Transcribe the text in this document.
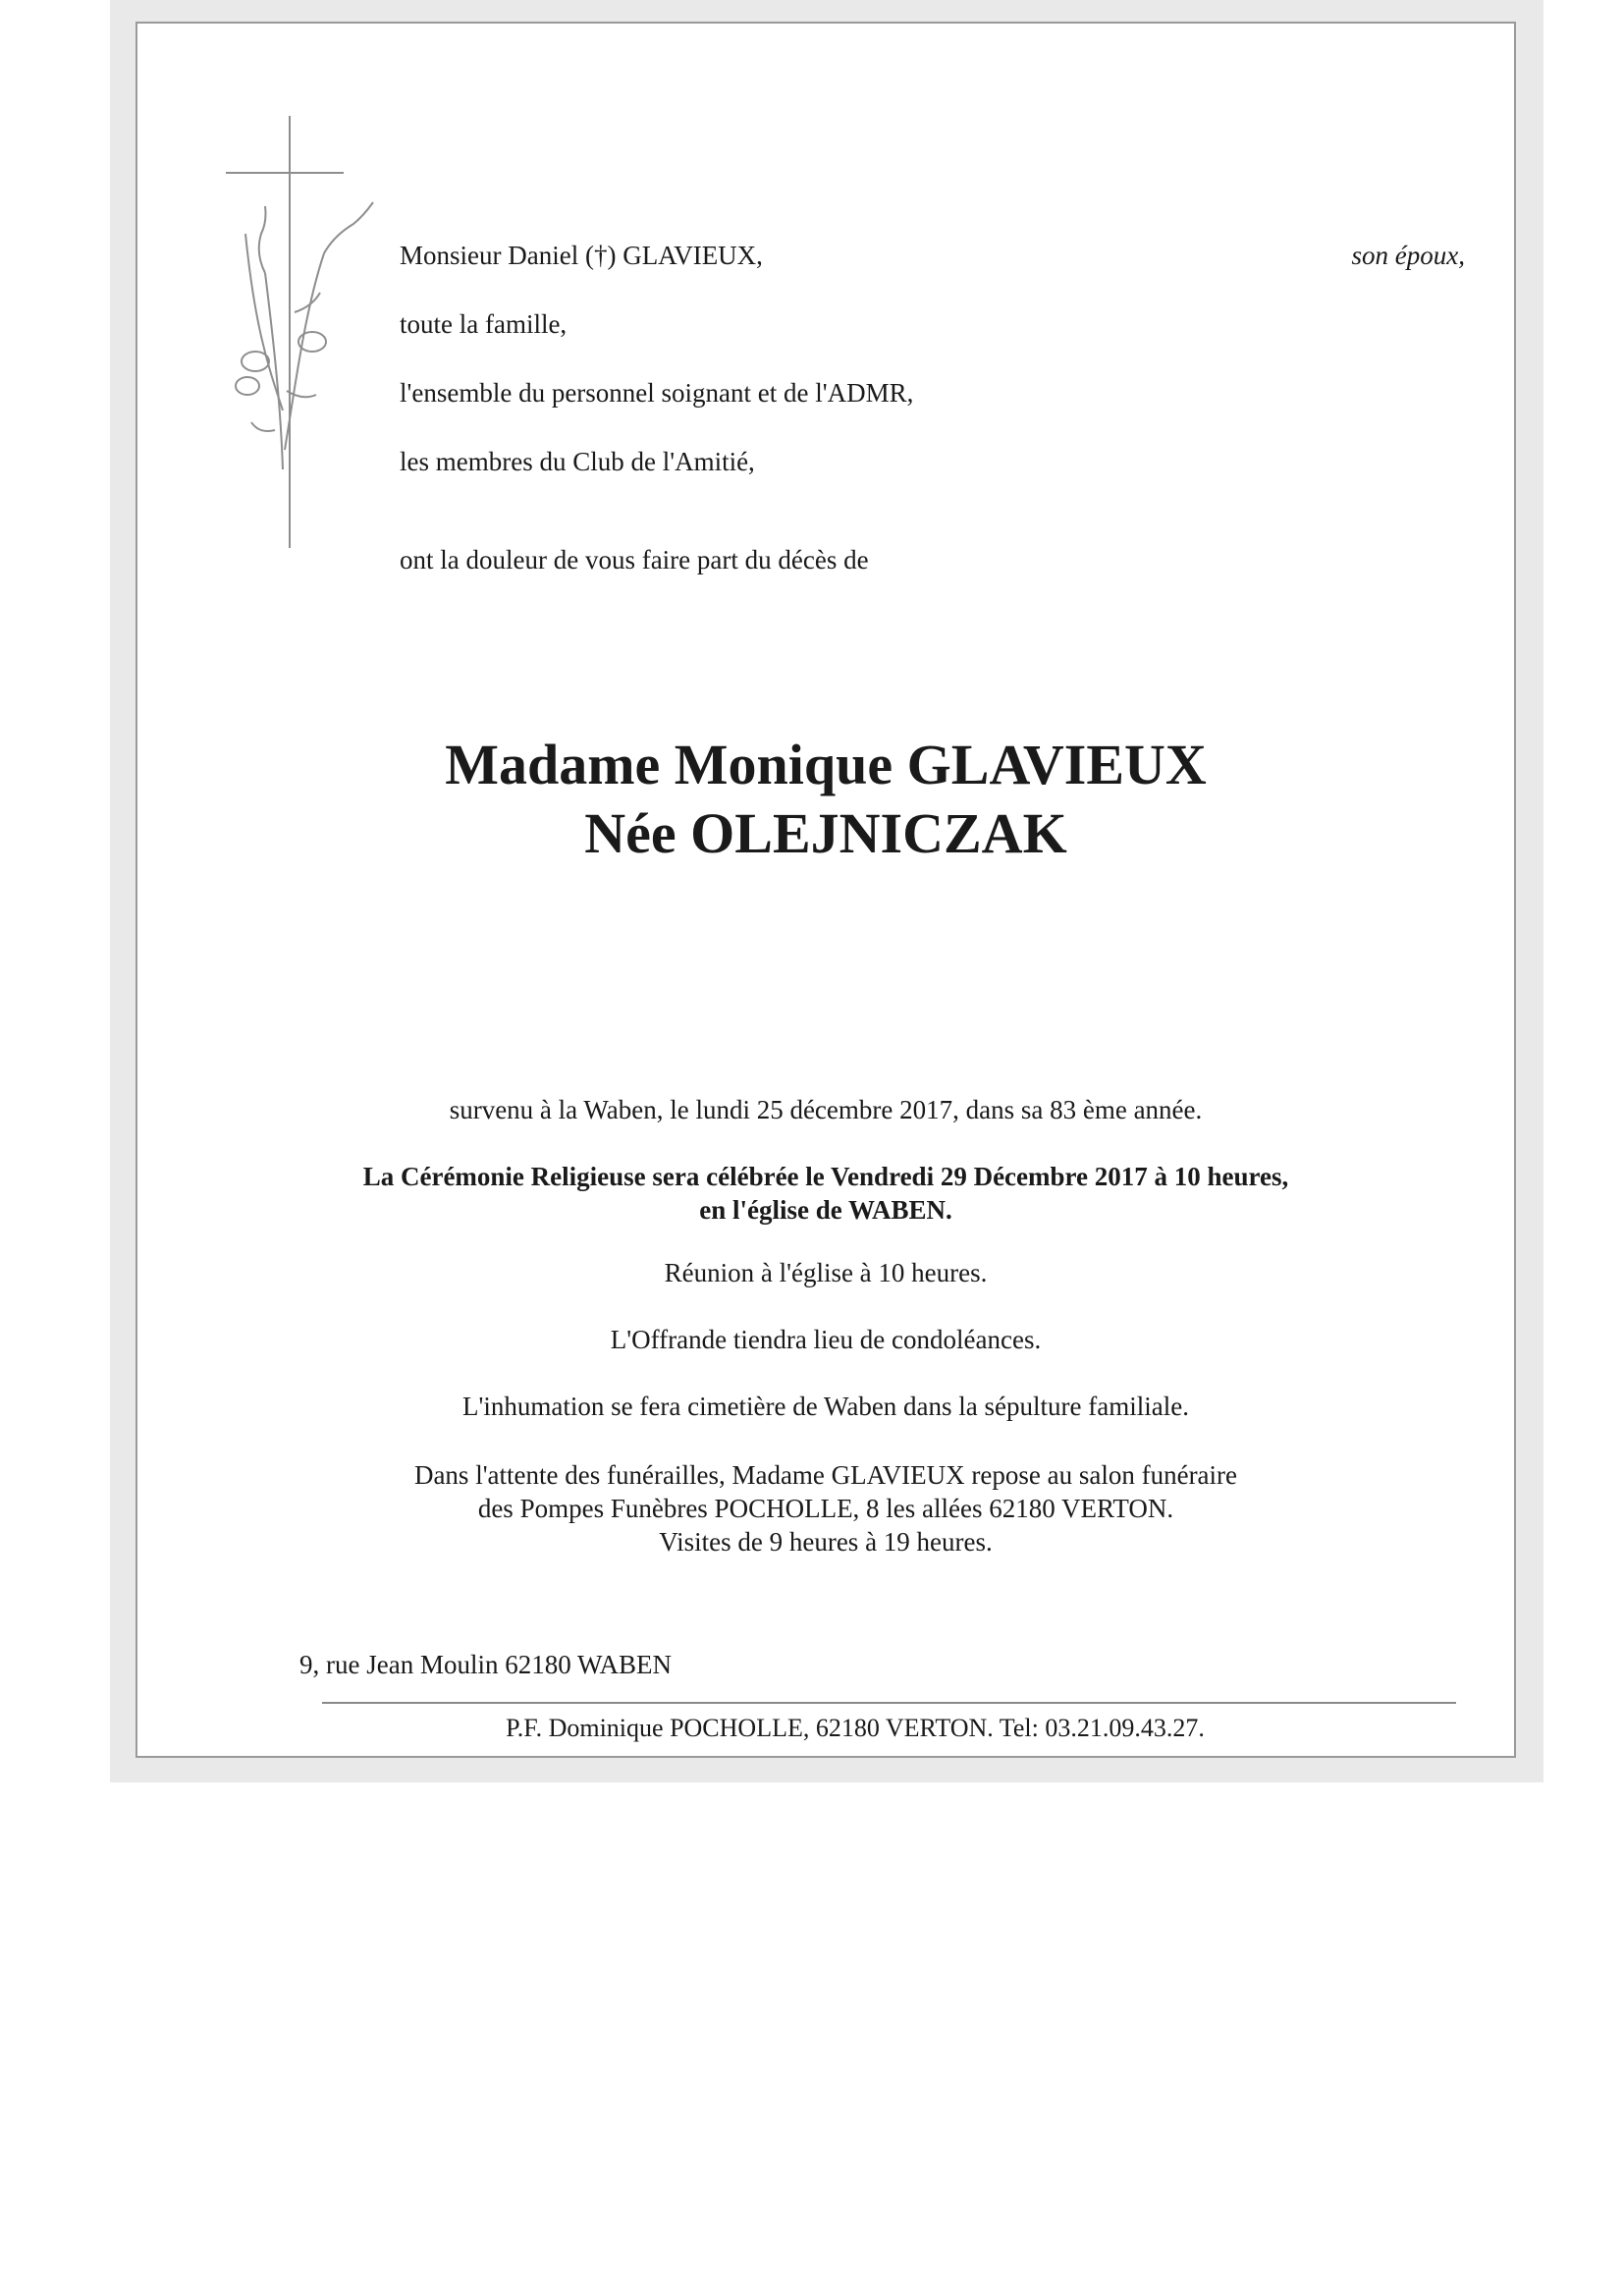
Monsieur Daniel (†) GLAVIEUX,	son époux,
toute la famille,
l'ensemble du personnel soignant et de l'ADMR,
les membres du Club de l'Amitié,
ont la douleur de vous faire part du décès de
Madame Monique GLAVIEUX
Née OLEJNICZAK
survenu à la Waben, le lundi 25 décembre 2017, dans sa 83 ème année.
La Cérémonie Religieuse sera célébrée le Vendredi 29 Décembre 2017 à 10 heures,
en l'église de WABEN.
Réunion à l'église à 10 heures.
L'Offrande tiendra lieu de condoléances.
L'inhumation se fera cimetière de Waben dans la sépulture familiale.
Dans l'attente des funérailles, Madame GLAVIEUX repose au salon funéraire
des Pompes Funèbres POCHOLLE, 8 les allées 62180 VERTON.
Visites de 9 heures à 19 heures.
9, rue Jean Moulin 62180 WABEN
P.F. Dominique POCHOLLE, 62180 VERTON. Tel: 03.21.09.43.27.
